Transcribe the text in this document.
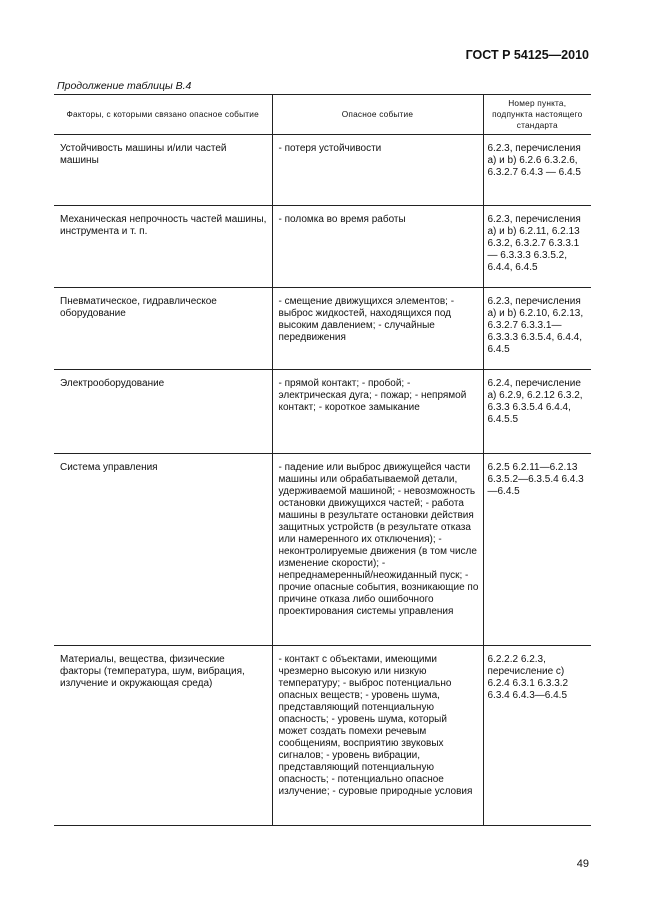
ГОСТ Р 54125—2010
Продолжение таблицы В.4
Факторы, с которыми связано опасное событие	Опасное событие	Номер пункта, подпункта настоящего стандарта
Устойчивость машины и/или частей машины	- потеря устойчивости	6.2.3, перечисления а) и b) 6.2.6 6.3.2.6, 6.3.2.7 6.4.3 — 6.4.5
Механическая непрочность частей машины, инструмента и т. п.	- поломка во время работы	6.2.3, перечисления а) и b) 6.2.11, 6.2.13 6.3.2, 6.3.2.7 6.3.3.1 — 6.3.3.3 6.3.5.2, 6.4.4, 6.4.5
Пневматическое, гидравлическое оборудование	- смещение движущихся элементов; - выброс жидкостей, находящихся под высоким давлением; - случайные передвижения	6.2.3, перечисления а) и b) 6.2.10, 6.2.13, 6.3.2.7 6.3.3.1—6.3.3.3 6.3.5.4, 6.4.4, 6.4.5
Электрооборудование	- прямой контакт; - пробой; - электрическая дуга; - пожар; - непрямой контакт; - короткое замыкание	6.2.4, перечисление а) 6.2.9, 6.2.12 6.3.2, 6.3.3 6.3.5.4 6.4.4, 6.4.5.5
Система управления	- падение или выброс движущейся части машины или обрабатываемой детали, удерживаемой машиной; - невозможность остановки движущихся частей; - работа машины в результате остановки действия защитных устройств (в результате отказа или намеренного их отключения); - неконтролируемые движения (в том числе изменение скорости); - непреднамеренный/неожиданный пуск; - прочие опасные события, возникающие по причине отказа либо ошибочного проектирования системы управления	6.2.5 6.2.11—6.2.13 6.3.5.2—6.3.5.4 6.4.3—6.4.5
Материалы, вещества, физические факторы (температура, шум, вибрация, излучение и окружающая среда)	- контакт с объектами, имеющими чрезмерно высокую или низкую температуру; - выброс потенциально опасных веществ; - уровень шума, представляющий потенциальную опасность; - уровень шума, который может создать помехи речевым сообщениям, восприятию звуковых сигналов; - уровень вибрации, представляющий потенциальную опасность; - потенциально опасное излучение; - суровые природные условия	6.2.2.2 6.2.3, перечисление с) 6.2.4 6.3.1 6.3.3.2 6.3.4 6.4.3—6.4.5
49
